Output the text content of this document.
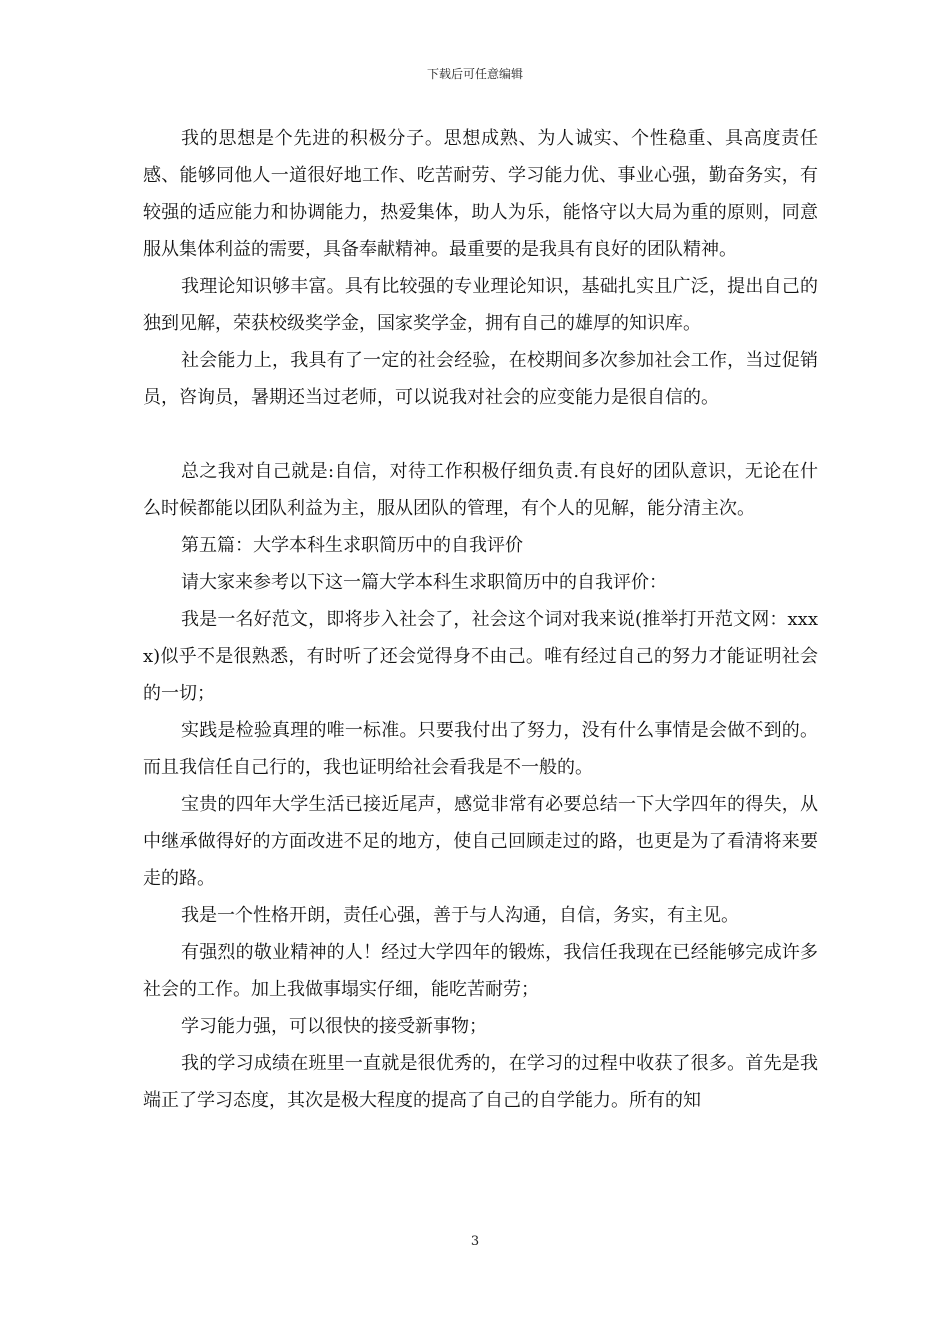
下载后可任意编辑

我的思想是个先进的积极分子。思想成熟、为人诚实、个性稳重、具高度责任感、能够同他人一道很好地工作、吃苦耐劳、学习能力优、事业心强，勤奋务实，有较强的适应能力和协调能力，热爱集体，助人为乐，能恪守以大局为重的原则，同意服从集体利益的需要，具备奉献精神。最重要的是我具有良好的团队精神。

我理论知识够丰富。具有比较强的专业理论知识，基础扎实且广泛，提出自己的独到见解，荣获校级奖学金，国家奖学金，拥有自己的雄厚的知识库。

社会能力上，我具有了一定的社会经验，在校期间多次参加社会工作，当过促销员，咨询员，暑期还当过老师，可以说我对社会的应变能力是很自信的。

总之我对自己就是:自信，对待工作积极仔细负责.有良好的团队意识，无论在什么时候都能以团队利益为主，服从团队的管理，有个人的见解，能分清主次。

第五篇：大学本科生求职简历中的自我评价

请大家来参考以下这一篇大学本科生求职简历中的自我评价：

我是一名好范文，即将步入社会了，社会这个词对我来说(推举打开范文网：xxxx)似乎不是很熟悉，有时听了还会觉得身不由己。唯有经过自己的努力才能证明社会的一切；

实践是检验真理的唯一标准。只要我付出了努力，没有什么事情是会做不到的。而且我信任自己行的，我也证明给社会看我是不一般的。

宝贵的四年大学生活已接近尾声，感觉非常有必要总结一下大学四年的得失，从中继承做得好的方面改进不足的地方，使自己回顾走过的路，也更是为了看清将来要走的路。

我是一个性格开朗，责任心强，善于与人沟通，自信，务实，有主见。

有强烈的敬业精神的人！经过大学四年的锻炼，我信任我现在已经能够完成许多社会的工作。加上我做事塌实仔细，能吃苦耐劳；

学习能力强，可以很快的接受新事物；

我的学习成绩在班里一直就是很优秀的，在学习的过程中收获了很多。首先是我端正了学习态度，其次是极大程度的提高了自己的自学能力。所有的知

3
